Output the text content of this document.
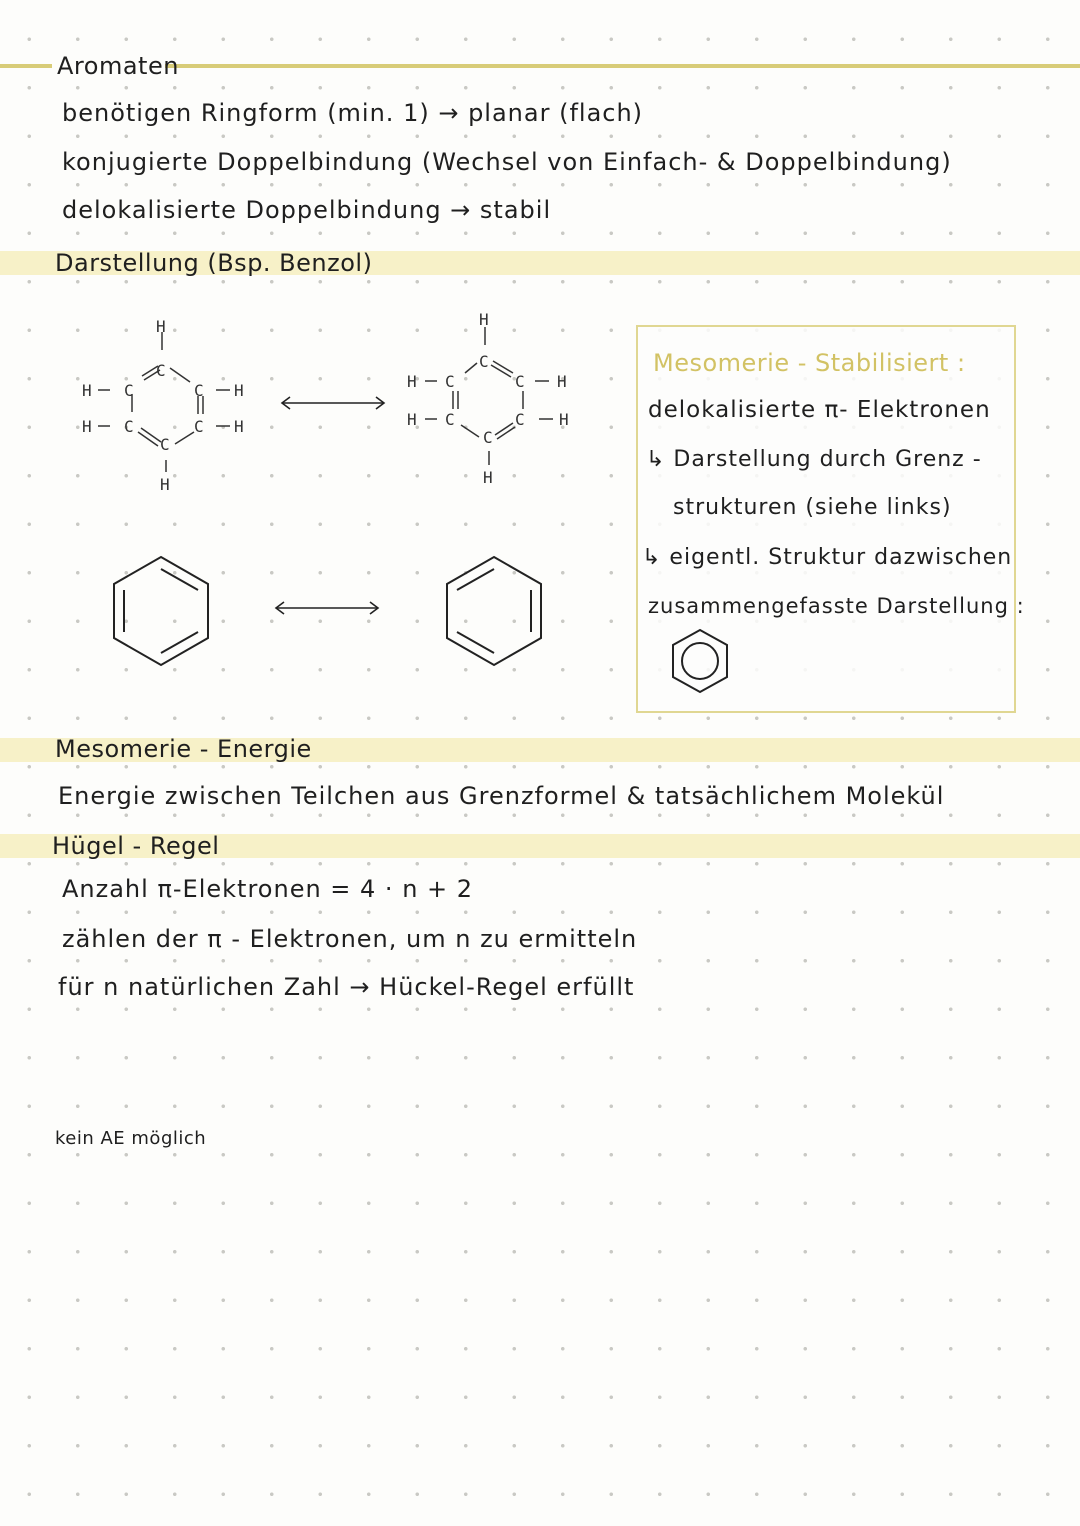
Aromaten
benötigen Ringform (min. 1) → planar (flach)
konjugierte Doppelbindung (Wechsel von Einfach- & Doppelbindung)
delokalisierte Doppelbindung → stabil
Darstellung (Bsp. Benzol)
H
C
C	C
C	C
C
H
H
H
H
H
H
C
C	C
C	C
C
H
H
H
H
H
Mesomerie - Stabilisiert :
delokalisierte π- Elektronen
↳ Darstellung durch Grenz -
strukturen (siehe links)
↳ eigentl. Struktur dazwischen
zusammengefasste Darstellung :
Mesomerie - Energie
Energie zwischen Teilchen aus Grenzformel & tatsächlichem Molekül
Hügel - Regel
Anzahl π-Elektronen = 4 · n + 2
zählen der π - Elektronen, um n zu ermitteln
für n natürlichen Zahl → Hückel-Regel erfüllt
kein AE möglich
